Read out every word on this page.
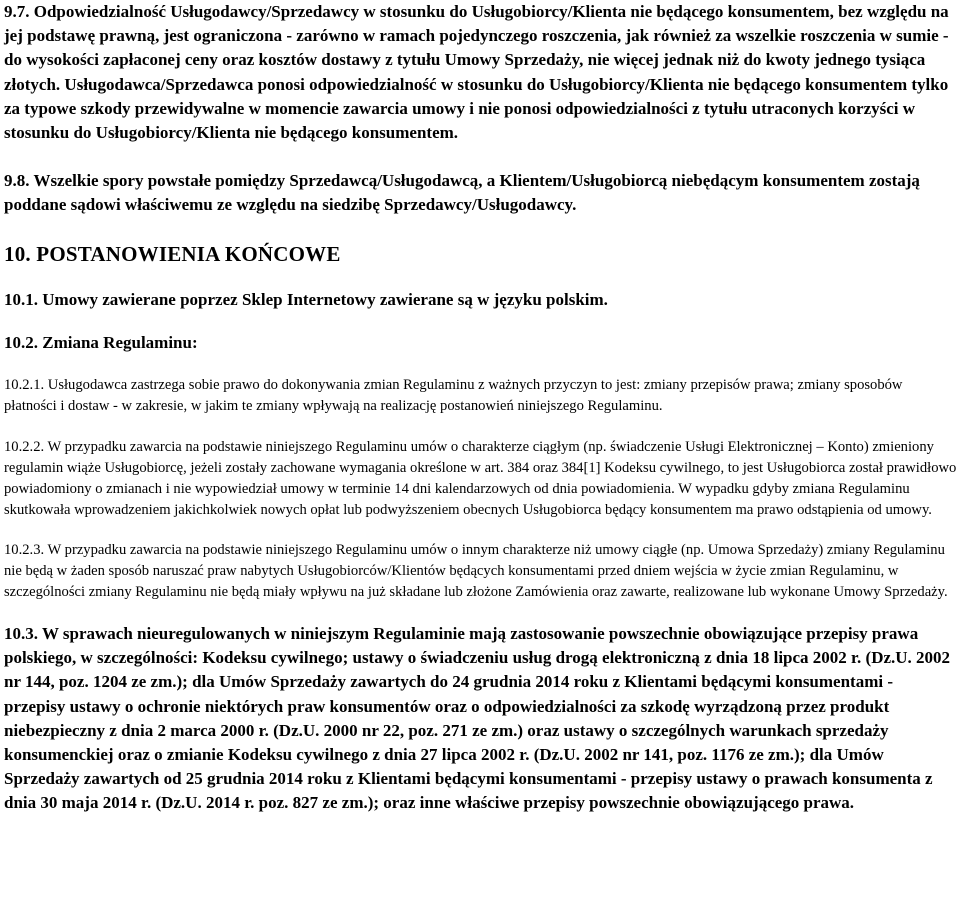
9.7. Odpowiedzialność Usługodawcy/Sprzedawcy w stosunku do Usługobiorcy/Klienta nie będącego konsumentem, bez względu na jej podstawę prawną, jest ograniczona - zarówno w ramach pojedynczego roszczenia, jak również za wszelkie roszczenia w sumie - do wysokości zapłaconej ceny oraz kosztów dostawy z tytułu Umowy Sprzedaży, nie więcej jednak niż do kwoty jednego tysiąca złotych. Usługodawca/Sprzedawca ponosi odpowiedzialność w stosunku do Usługobiorcy/Klienta nie będącego konsumentem tylko za typowe szkody przewidywalne w momencie zawarcia umowy i nie ponosi odpowiedzialności z tytułu utraconych korzyści w stosunku do Usługobiorcy/Klienta nie będącego konsumentem.

9.8. Wszelkie spory powstałe pomiędzy Sprzedawcą/Usługodawcą, a Klientem/Usługobiorcą niebędącym konsumentem zostają poddane sądowi właściwemu ze względu na siedzibę Sprzedawcy/Usługodawcy.

10. POSTANOWIENIA KOŃCOWE

10.1. Umowy zawierane poprzez Sklep Internetowy zawierane są w języku polskim.

10.2. Zmiana Regulaminu:

10.2.1. Usługodawca zastrzega sobie prawo do dokonywania zmian Regulaminu z ważnych przyczyn to jest: zmiany przepisów prawa; zmiany sposobów płatności i dostaw - w zakresie, w jakim te zmiany wpływają na realizację postanowień niniejszego Regulaminu.

10.2.2. W przypadku zawarcia na podstawie niniejszego Regulaminu umów o charakterze ciągłym (np. świadczenie Usługi Elektronicznej – Konto) zmieniony regulamin wiąże Usługobiorcę, jeżeli zostały zachowane wymagania określone w art. 384 oraz 384[1] Kodeksu cywilnego, to jest Usługobiorca został prawidłowo powiadomiony o zmianach i nie wypowiedział umowy w terminie 14 dni kalendarzowych od dnia powiadomienia. W wypadku gdyby zmiana Regulaminu skutkowała wprowadzeniem jakichkolwiek nowych opłat lub podwyższeniem obecnych Usługobiorca będący konsumentem ma prawo odstąpienia od umowy.

10.2.3. W przypadku zawarcia na podstawie niniejszego Regulaminu umów o innym charakterze niż umowy ciągłe (np. Umowa Sprzedaży) zmiany Regulaminu nie będą w żaden sposób naruszać praw nabytych Usługobiorców/Klientów będących konsumentami przed dniem wejścia w życie zmian Regulaminu, w szczególności zmiany Regulaminu nie będą miały wpływu na już składane lub złożone Zamówienia oraz zawarte, realizowane lub wykonane Umowy Sprzedaży.

10.3. W sprawach nieuregulowanych w niniejszym Regulaminie mają zastosowanie powszechnie obowiązujące przepisy prawa polskiego, w szczególności: Kodeksu cywilnego; ustawy o świadczeniu usług drogą elektroniczną z dnia 18 lipca 2002 r. (Dz.U. 2002 nr 144, poz. 1204 ze zm.); dla Umów Sprzedaży zawartych do 24 grudnia 2014 roku z Klientami będącymi konsumentami - przepisy ustawy o ochronie niektórych praw konsumentów oraz o odpowiedzialności za szkodę wyrządzoną przez produkt niebezpieczny z dnia 2 marca 2000 r. (Dz.U. 2000 nr 22, poz. 271 ze zm.) oraz ustawy o szczególnych warunkach sprzedaży konsumenckiej oraz o zmianie Kodeksu cywilnego z dnia 27 lipca 2002 r. (Dz.U. 2002 nr 141, poz. 1176 ze zm.); dla Umów Sprzedaży zawartych od 25 grudnia 2014 roku z Klientami będącymi konsumentami - przepisy ustawy o prawach konsumenta z dnia 30 maja 2014 r. (Dz.U. 2014 r. poz. 827 ze zm.); oraz inne właściwe przepisy powszechnie obowiązującego prawa.
